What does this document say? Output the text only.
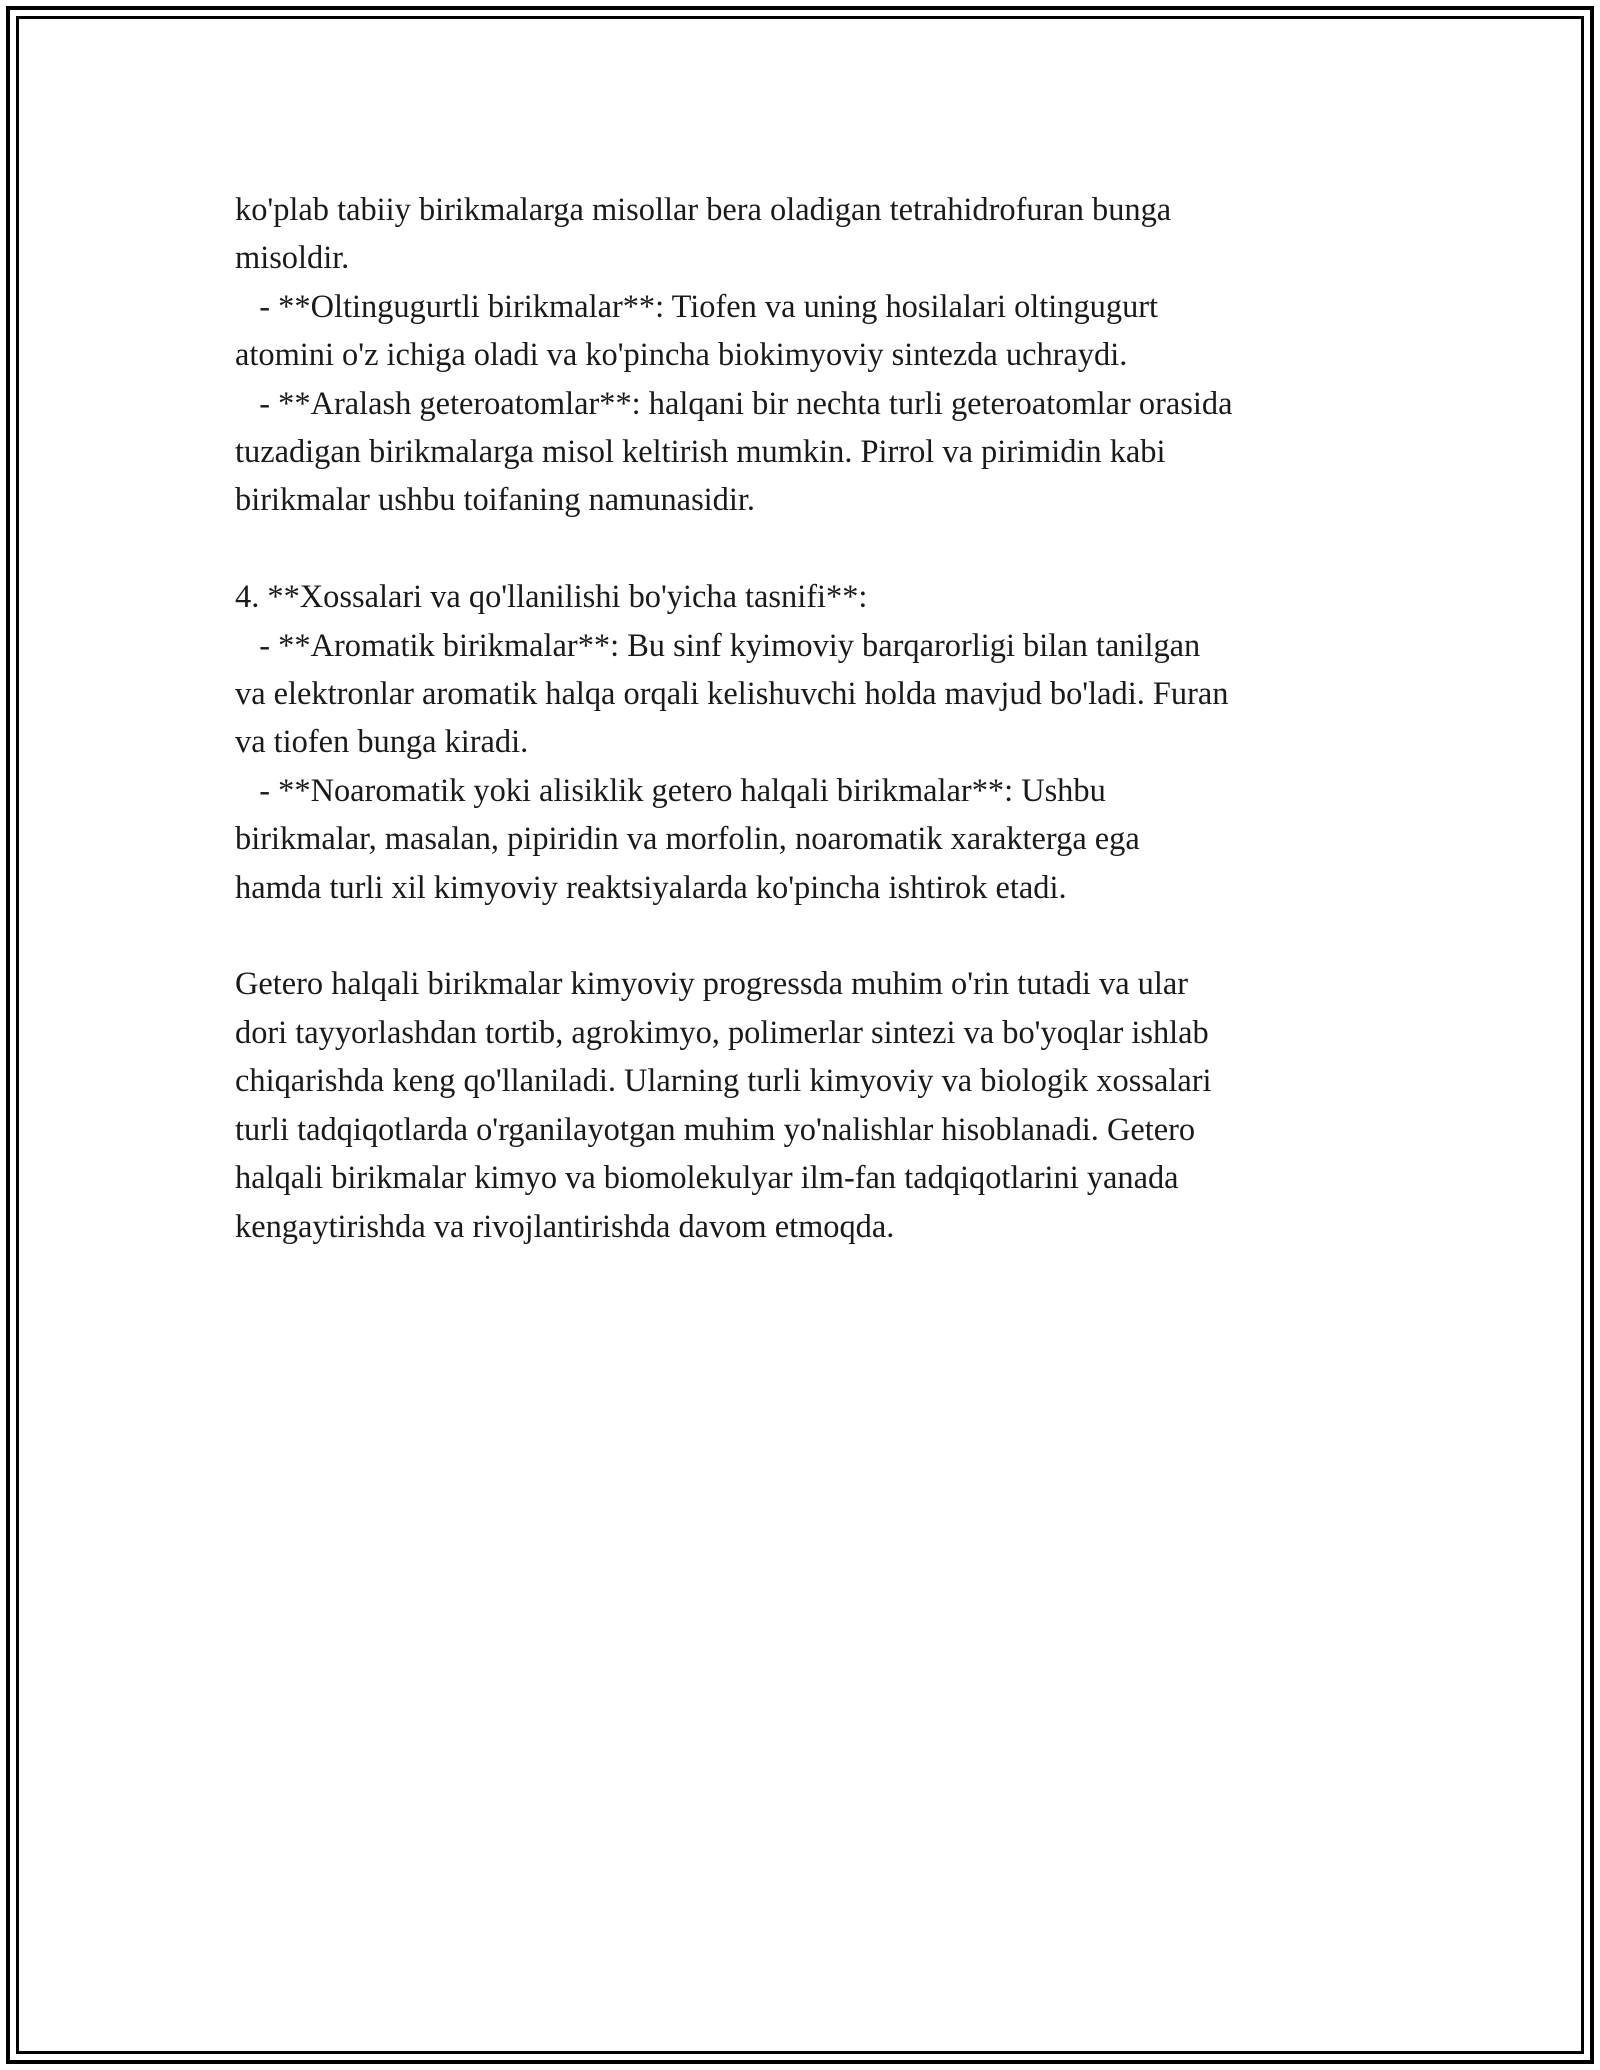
ko'plab tabiiy birikmalarga misollar bera oladigan tetrahidrofuran bunga

misoldir.

- **Oltingugurtli birikmalar**: Tiofen va uning hosilalari oltingugurt

atomini o'z ichiga oladi va ko'pincha biokimyoviy sintezda uchraydi.

- **Aralash geteroatomlar**: halqani bir nechta turli geteroatomlar orasida

tuzadigan birikmalarga misol keltirish mumkin. Pirrol va pirimidin kabi

birikmalar ushbu toifaning namunasidir.

4. **Xossalari va qo'llanilishi bo'yicha tasnifi**:

- **Aromatik birikmalar**: Bu sinf kyimoviy barqarorligi bilan tanilgan

va elektronlar aromatik halqa orqali kelishuvchi holda mavjud bo'ladi. Furan

va tiofen bunga kiradi.

- **Noaromatik yoki alisiklik getero halqali birikmalar**: Ushbu

birikmalar, masalan, pipiridin va morfolin, noaromatik xarakterga ega

hamda turli xil kimyoviy reaktsiyalarda ko'pincha ishtirok etadi.

Getero halqali birikmalar kimyoviy progressda muhim o'rin tutadi va ular

dori tayyorlashdan tortib, agrokimyo, polimerlar sintezi va bo'yoqlar ishlab

chiqarishda keng qo'llaniladi. Ularning turli kimyoviy va biologik xossalari

turli tadqiqotlarda o'rganilayotgan muhim yo'nalishlar hisoblanadi. Getero

halqali birikmalar kimyo va biomolekulyar ilm-fan tadqiqotlarini yanada

kengaytirishda va rivojlantirishda davom etmoqda.
